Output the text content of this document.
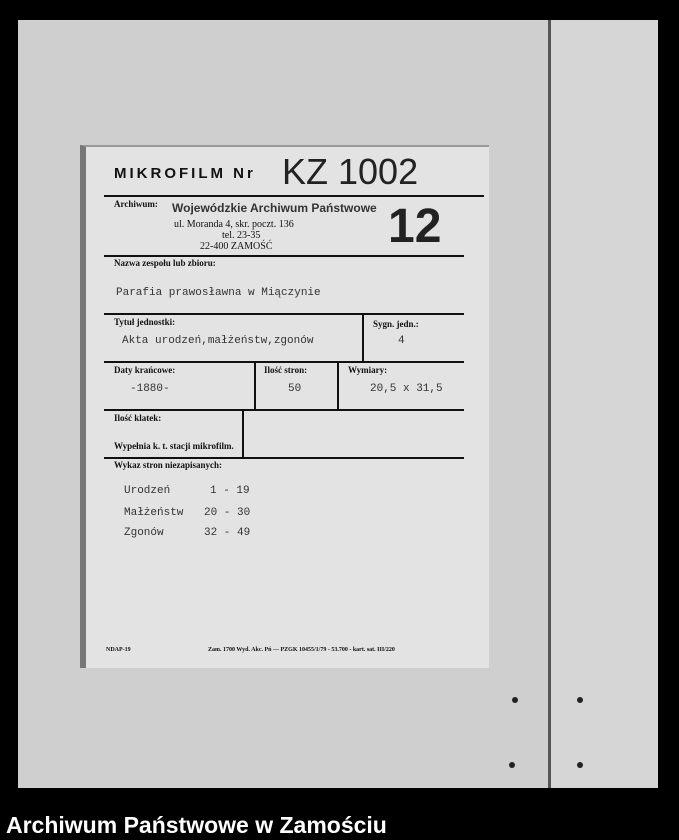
MIKROFILM Nr KZ 1002
Archiwum: Wojewódzkie Archiwum Państwowe
ul. Moranda 4, skr. poczt. 136
tel. 23-35
22-400 ZAMOŚĆ 12
Nazwa zespołu lub zbioru:
Parafia prawosławna w Miączynie
Tytuł jednostki:
Akta urodzeń,małżeństw,zgonów
Sygn. jedn.:
4
Daty krańcowe:
-1880-
Ilość stron:
50
Wymiary:
20,5 x 31,5
Ilość klatek:
Wypełnia k. t. stacji mikrofilm.
Wykaz stron niezapisanych:
Urodzeń	1 - 19
Małżeństw 20 - 30
Zgonów	32 - 49
NDAP-19	Zam. 1700 Wyd. Akc. Pń — PZGK 10455/1/79 - 53.700 - kart. sat. III/220
Archiwum Państwowe w Zamościu
